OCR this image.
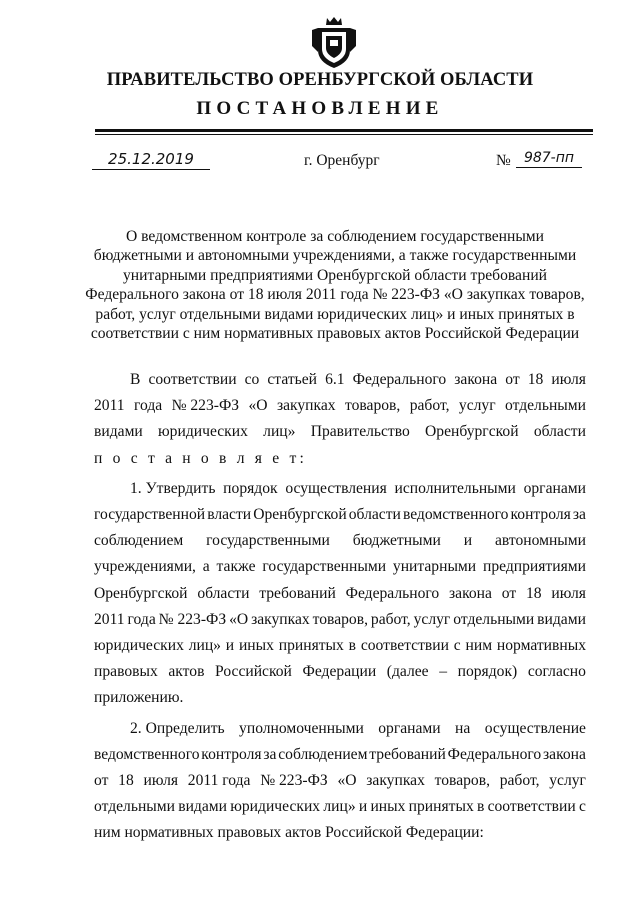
ПРАВИТЕЛЬСТВО ОРЕНБУРГСКОЙ ОБЛАСТИ
ПОСТАНОВЛЕНИЕ
25.12.2019	г. Оренбург	№ 987-пп
О ведомственном контроле за соблюдением государственными
бюджетными и автономными учреждениями, а также государственными
унитарными предприятиями Оренбургской области требований
Федерального закона от 18 июля 2011 года № 223-ФЗ «О закупках товаров,
работ, услуг отдельными видами юридических лиц» и иных принятых в
соответствии с ним нормативных правовых актов Российской Федерации
В соответствии со статьей 6.1 Федерального закона от 18 июля
2011 года № 223-ФЗ «О закупках товаров, работ, услуг отдельными
видами юридических лиц» Правительство Оренбургской области
п о с т а н о в л я е т:
1. Утвердить порядок осуществления исполнительными органами
государственной власти Оренбургской области ведомственного контроля за
соблюдением государственными бюджетными и автономными
учреждениями, а также государственными унитарными предприятиями
Оренбургской области требований Федерального закона от 18 июля
2011 года № 223-ФЗ «О закупках товаров, работ, услуг отдельными видами
юридических лиц» и иных принятых в соответствии с ним нормативных
правовых актов Российской Федерации (далее – порядок) согласно
приложению.
2. Определить уполномоченными органами на осуществление
ведомственного контроля за соблюдением требований Федерального закона
от 18 июля 2011 года № 223-ФЗ «О закупках товаров, работ, услуг
отдельными видами юридических лиц» и иных принятых в соответствии с
ним нормативных правовых актов Российской Федерации:
